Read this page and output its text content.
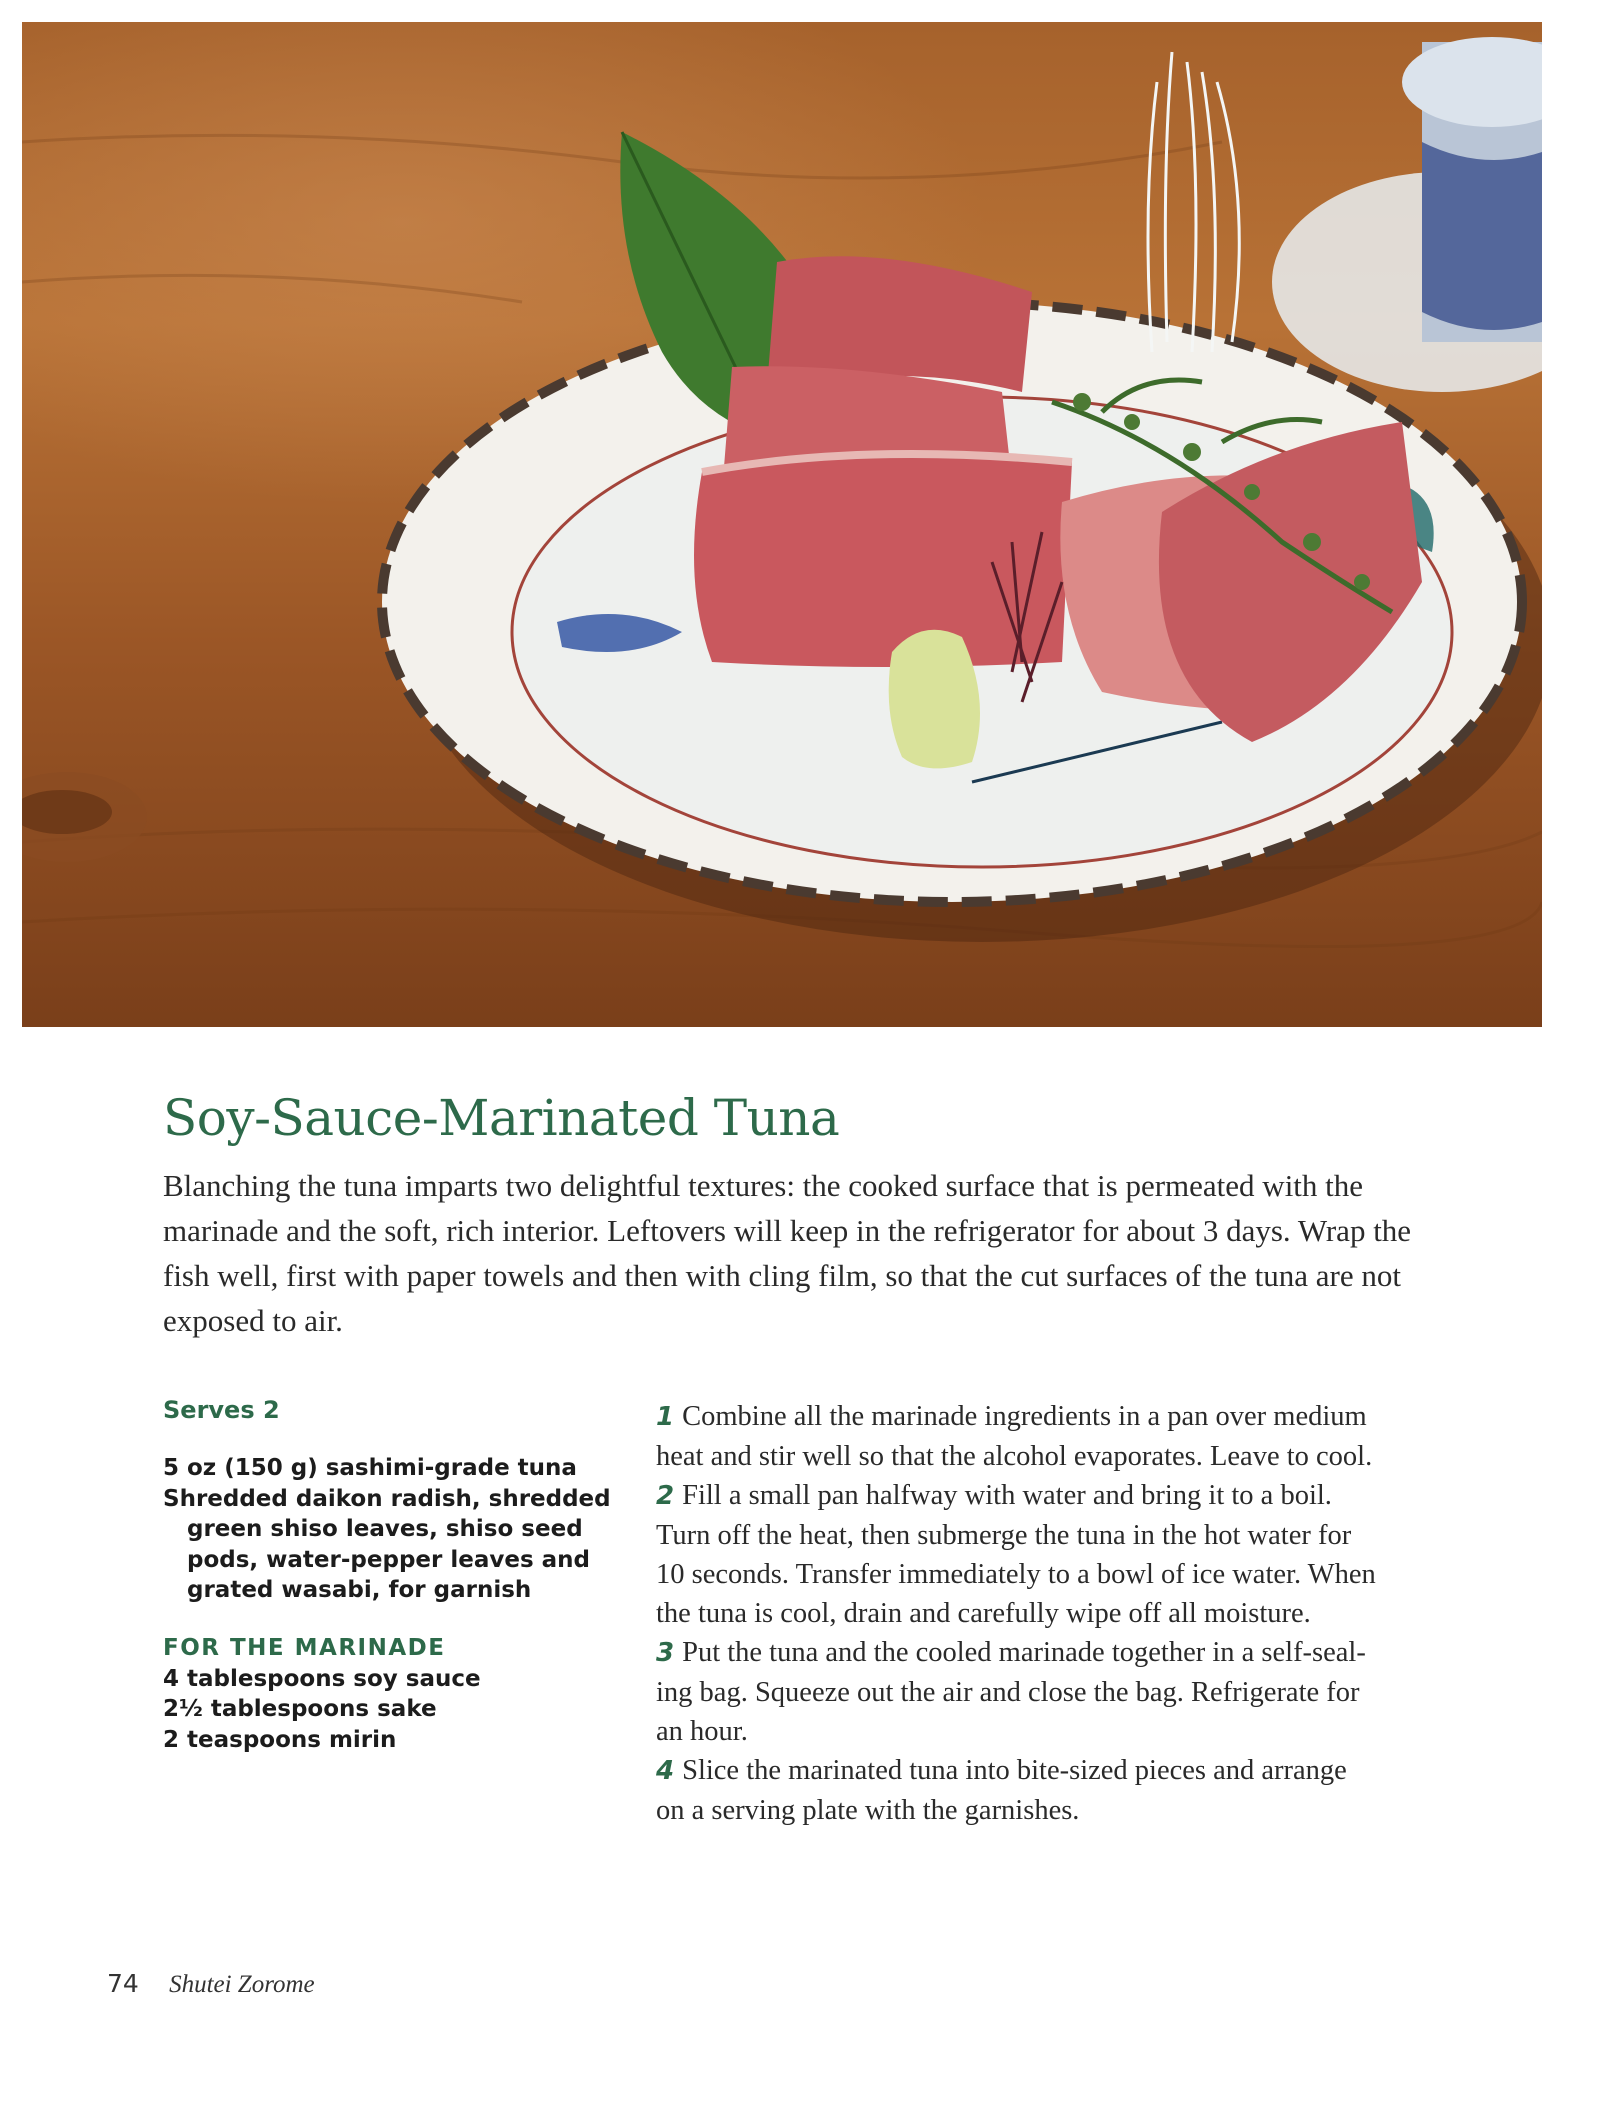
Soy-Sauce-Marinated Tuna

Blanching the tuna imparts two delightful textures: the cooked surface that is permeated with the marinade and the soft, rich interior. Leftovers will keep in the refrigerator for about 3 days. Wrap the fish well, first with paper towels and then with cling film, so that the cut surfaces of the tuna are not exposed to air.

Serves 2
5 oz (150 g) sashimi-grade tuna
Shredded daikon radish, shredded
green shiso leaves, shiso seed
pods, water-pepper leaves and
grated wasabi, for garnish
FOR THE MARINADE
4 tablespoons soy sauce
2½ tablespoons sake
2 teaspoons mirin
1 Combine all the marinade ingredients in a pan over medium
heat and stir well so that the alcohol evaporates. Leave to cool.
2 Fill a small pan halfway with water and bring it to a boil.
Turn off the heat, then submerge the tuna in the hot water for
10 seconds. Transfer immediately to a bowl of ice water. When
the tuna is cool, drain and carefully wipe off all moisture.
3 Put the tuna and the cooled marinade together in a self-seal-
ing bag. Squeeze out the air and close the bag. Refrigerate for
an hour.
4 Slice the marinated tuna into bite-sized pieces and arrange
on a serving plate with the garnishes.
74 Shutei Zorome
